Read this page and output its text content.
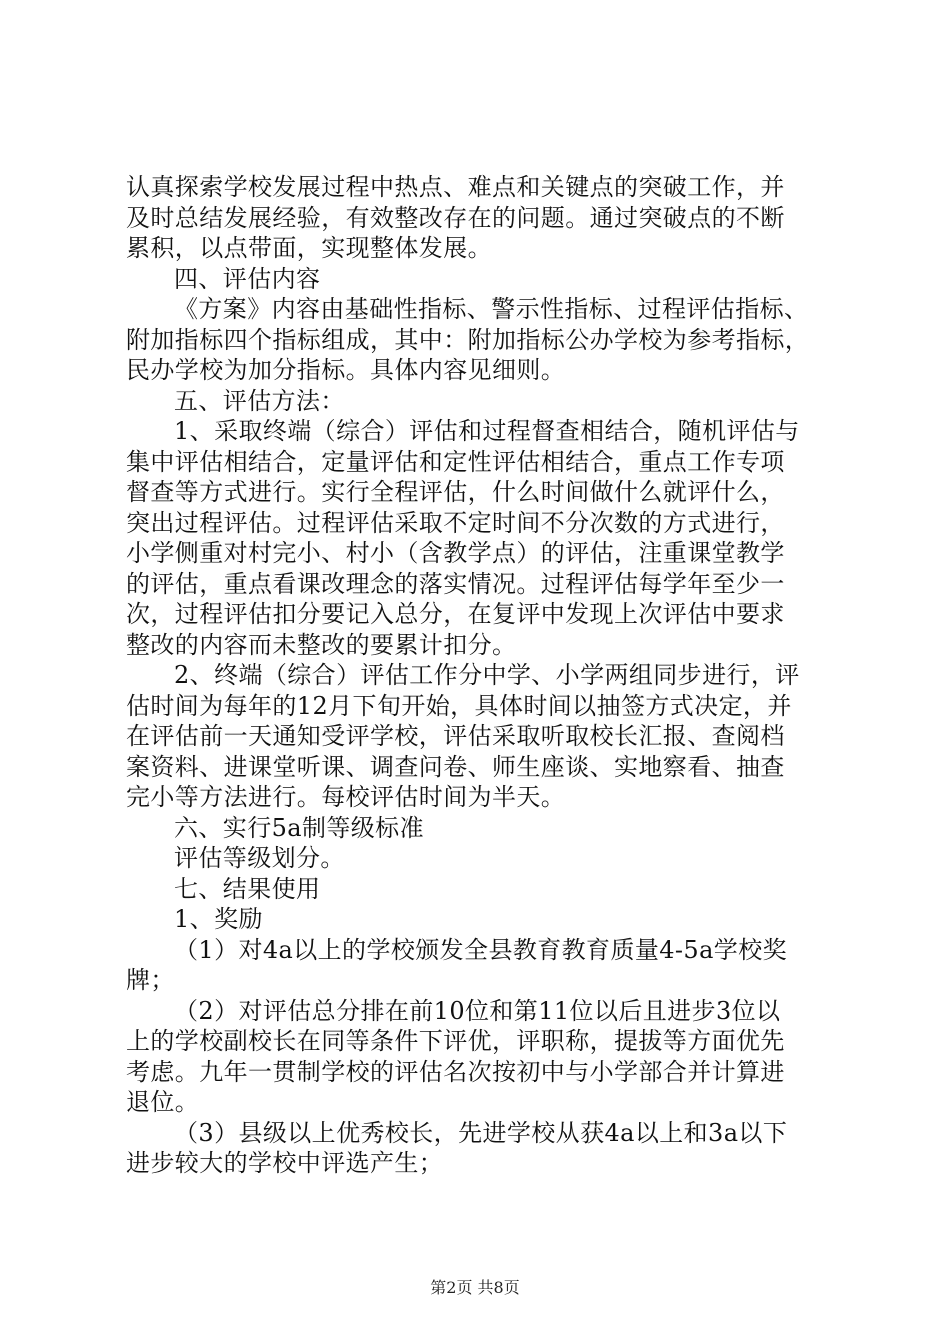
认真探索学校发展过程中热点、难点和关键点的突破工作，并

及时总结发展经验，有效整改存在的问题。通过突破点的不断

累积，以点带面，实现整体发展。

四、评估内容

《方案》内容由基础性指标、警示性指标、过程评估指标、

附加指标四个指标组成，其中：附加指标公办学校为参考指标，

民办学校为加分指标。具体内容见细则。

五、评估方法：

1、采取终端（综合）评估和过程督查相结合，随机评估与

集中评估相结合，定量评估和定性评估相结合，重点工作专项

督查等方式进行。实行全程评估，什么时间做什么就评什么，

突出过程评估。过程评估采取不定时间不分次数的方式进行，

小学侧重对村完小、村小（含教学点）的评估，注重课堂教学

的评估，重点看课改理念的落实情况。过程评估每学年至少一

次，过程评估扣分要记入总分，在复评中发现上次评估中要求

整改的内容而未整改的要累计扣分。

2、终端（综合）评估工作分中学、小学两组同步进行，评

估时间为每年的12月下旬开始，具体时间以抽签方式决定，并

在评估前一天通知受评学校，评估采取听取校长汇报、查阅档

案资料、进课堂听课、调查问卷、师生座谈、实地察看、抽查

完小等方法进行。每校评估时间为半天。

六、实行5a制等级标准

评估等级划分。

七、结果使用

1、奖励

（1）对4a以上的学校颁发全县教育教育质量4-5a学校奖

牌；

（2）对评估总分排在前10位和第11位以后且进步3位以

上的学校副校长在同等条件下评优，评职称，提拔等方面优先

考虑。九年一贯制学校的评估名次按初中与小学部合并计算进

退位。

（3）县级以上优秀校长，先进学校从获4a以上和3a以下

进步较大的学校中评选产生；

第2页 共8页
